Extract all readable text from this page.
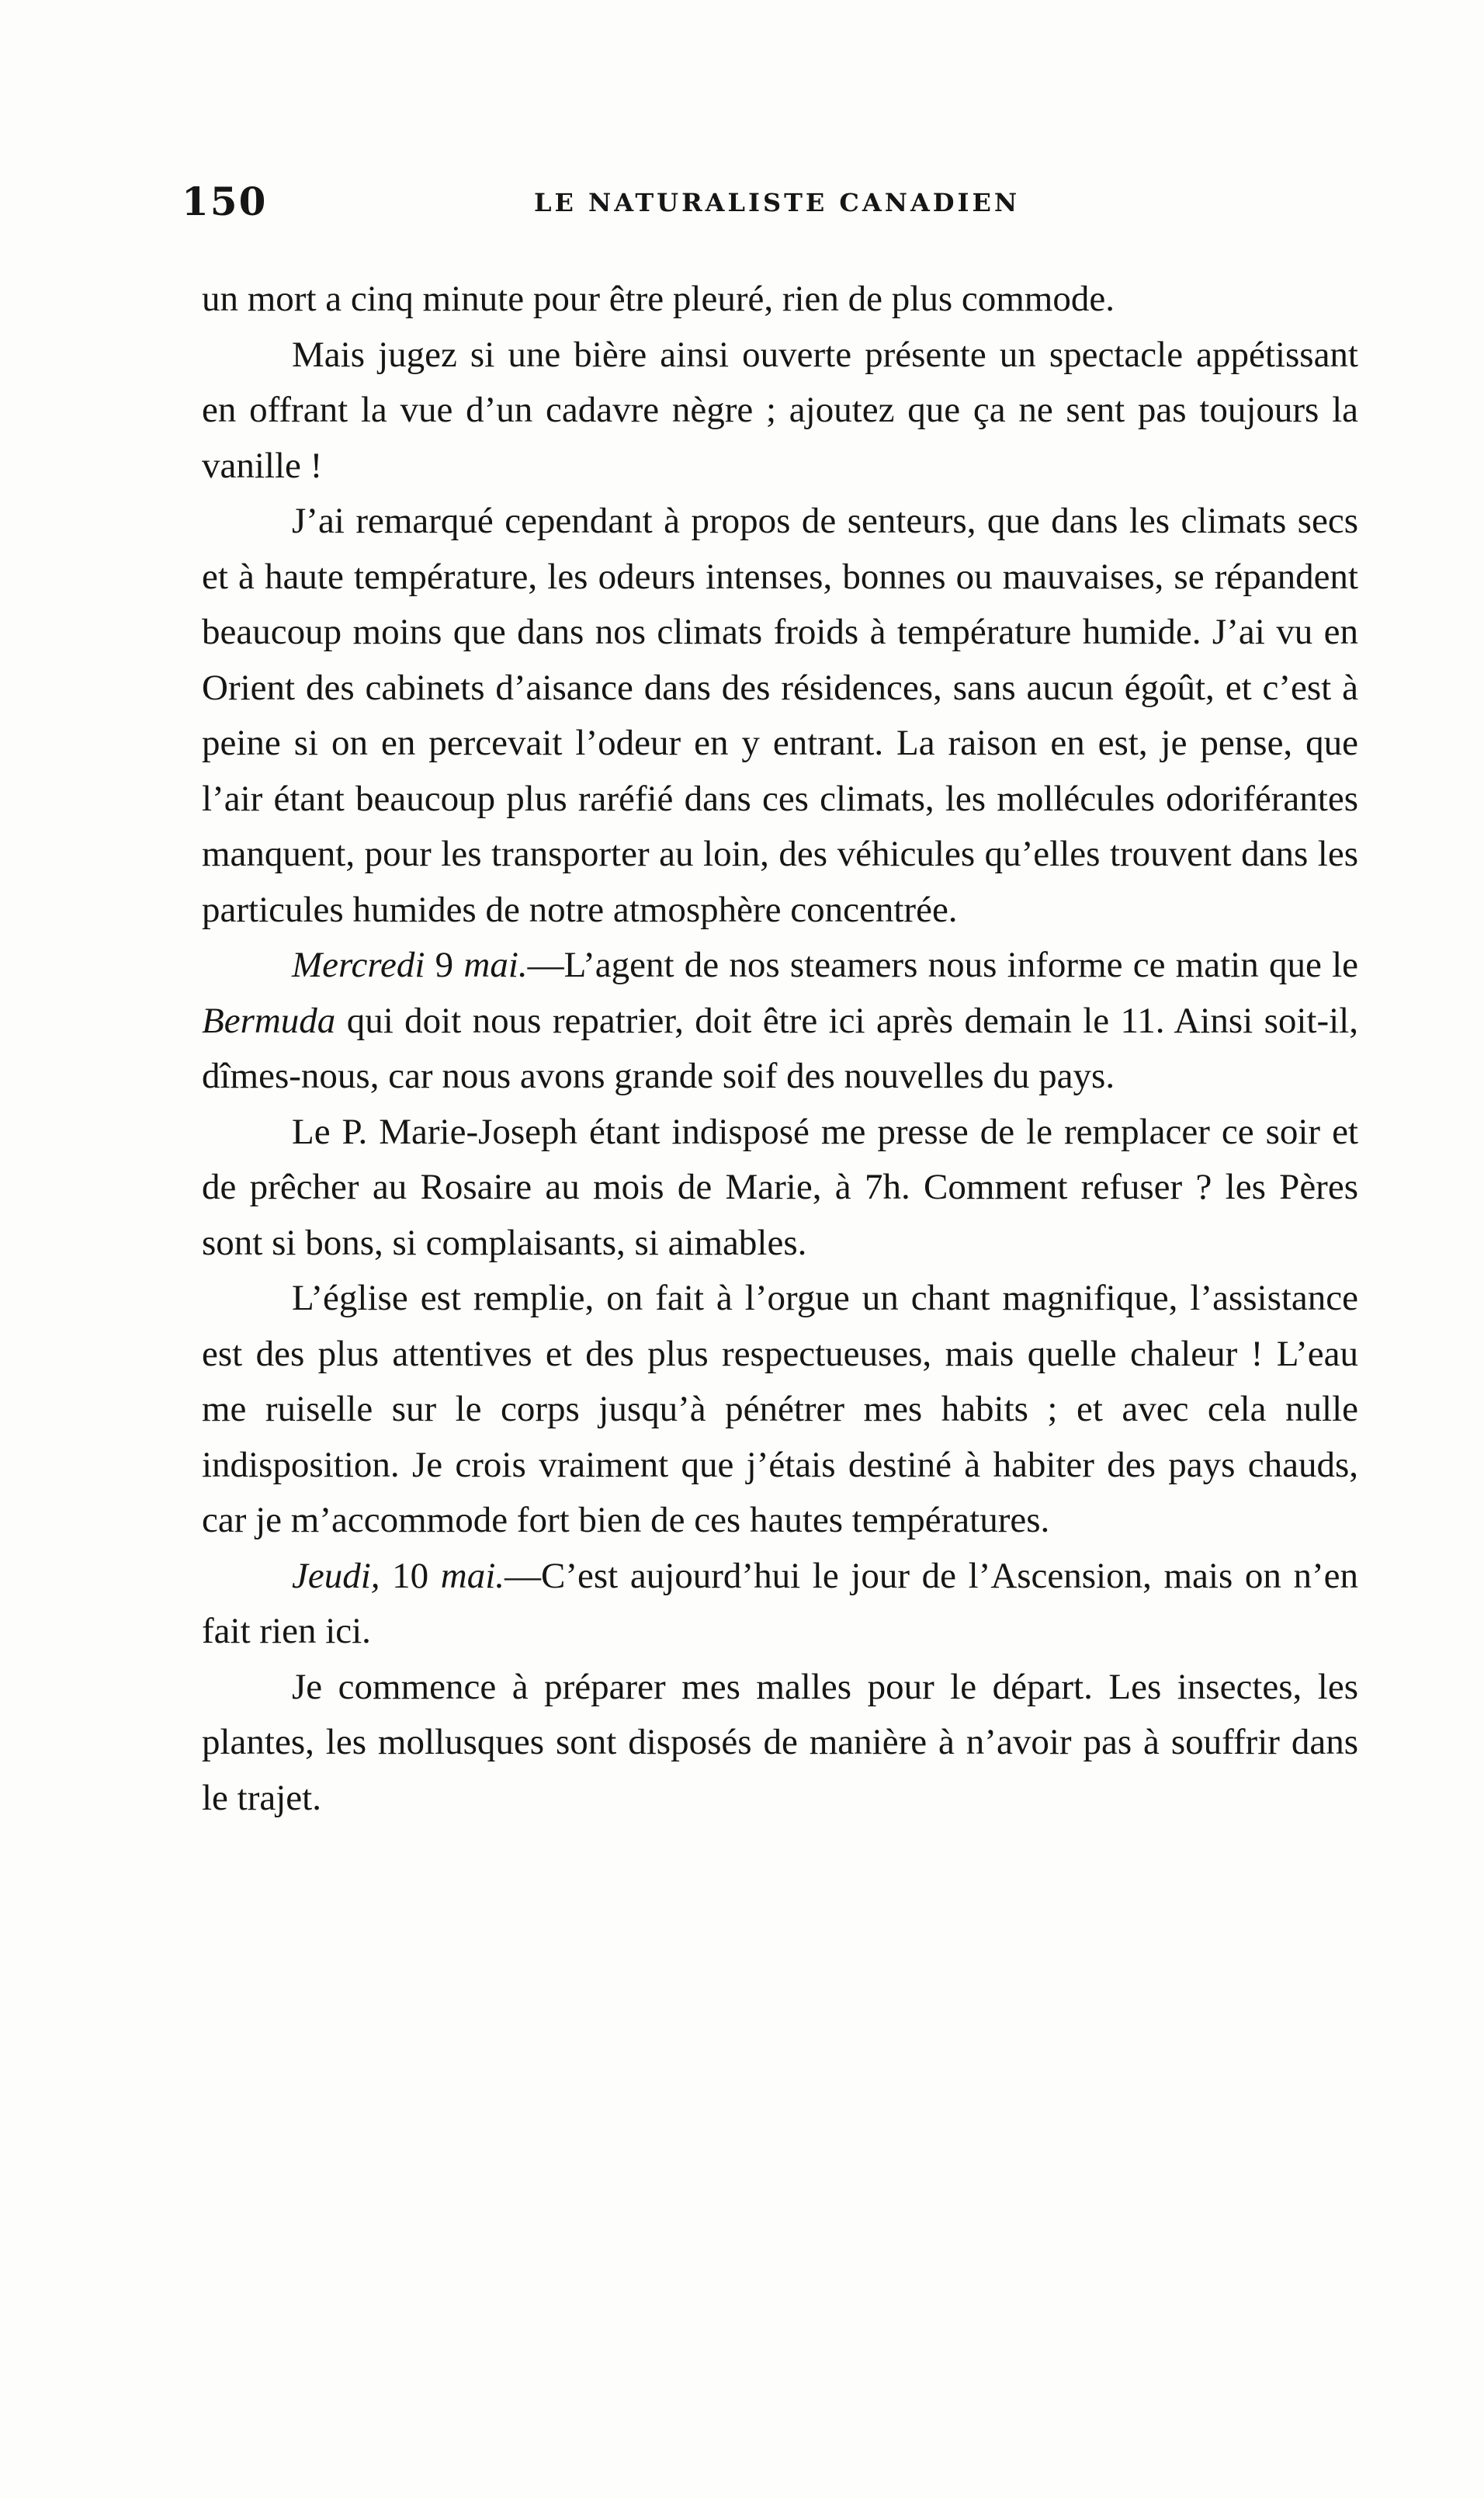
150	LE NATURALISTE CANADIEN

un mort a cinq minute pour être pleuré, rien de plus commode.

Mais jugez si une bière ainsi ouverte présente un spectacle appétissant en offrant la vue d’un cadavre nègre ; ajoutez que ça ne sent pas toujours la vanille !

J’ai remarqué cependant à propos de senteurs, que dans les climats secs et à haute température, les odeurs intenses, bonnes ou mauvaises, se répandent beaucoup moins que dans nos climats froids à température humide. J’ai vu en Orient des cabinets d’aisance dans des résidences, sans aucun égoût, et c’est à peine si on en percevait l’odeur en y entrant. La raison en est, je pense, que l’air étant beaucoup plus raréfié dans ces climats, les mollécules odoriférantes manquent, pour les transporter au loin, des véhicules qu’elles trouvent dans les particules humides de notre atmosphère concentrée.

Mercredi 9 mai.—L’agent de nos steamers nous informe ce matin que le Bermuda qui doit nous repatrier, doit être ici après demain le 11. Ainsi soit-il, dîmes-nous, car nous avons grande soif des nouvelles du pays.

Le P. Marie-Joseph étant indisposé me presse de le remplacer ce soir et de prêcher au Rosaire au mois de Marie, à 7h. Comment refuser ? les Pères sont si bons, si complaisants, si aimables.

L’église est remplie, on fait à l’orgue un chant magnifique, l’assistance est des plus attentives et des plus respectueuses, mais quelle chaleur ! L’eau me ruiselle sur le corps jusqu’à pénétrer mes habits ; et avec cela nulle indisposition. Je crois vraiment que j’étais destiné à habiter des pays chauds, car je m’accommode fort bien de ces hautes températures.

Jeudi, 10 mai.—C’est aujourd’hui le jour de l’Ascension, mais on n’en fait rien ici.

Je commence à préparer mes malles pour le départ. Les insectes, les plantes, les mollusques sont disposés de manière à n’avoir pas à souffrir dans le trajet.
